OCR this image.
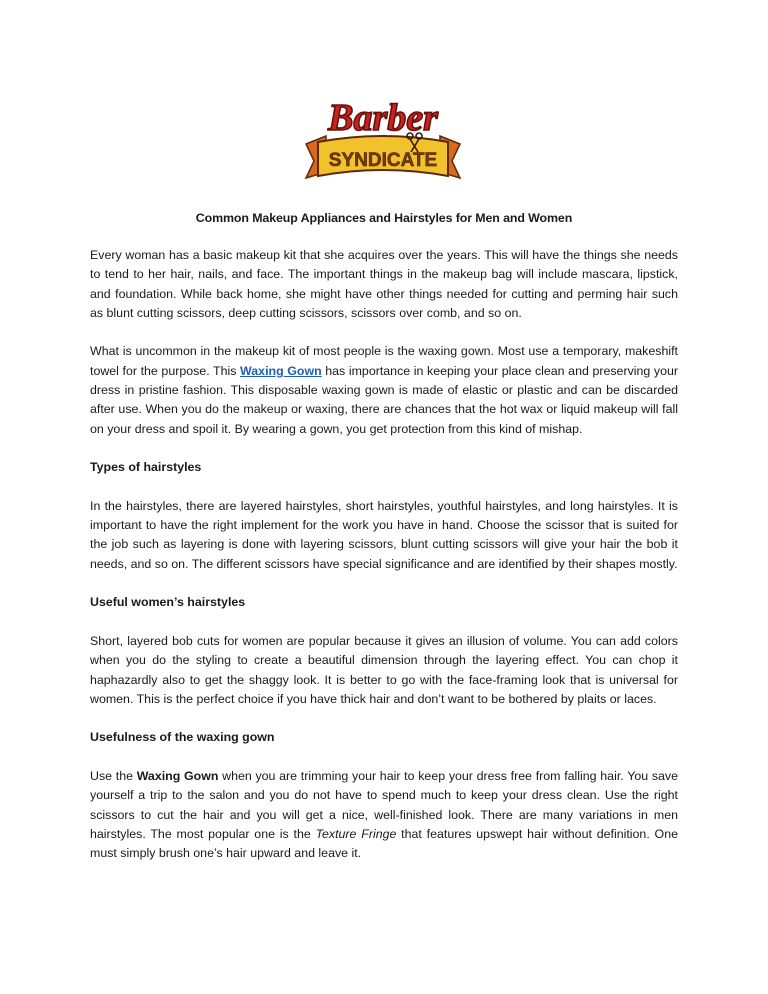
SYNDICATE
Barber
Common Makeup Appliances and Hairstyles for Men and Women

Every woman has a basic makeup kit that she acquires over the years. This will have the things she needs to tend to her hair, nails, and face. The important things in the makeup bag will include mascara, lipstick, and foundation. While back home, she might have other things needed for cutting and perming hair such as blunt cutting scissors, deep cutting scissors, scissors over comb, and so on.

What is uncommon in the makeup kit of most people is the waxing gown. Most use a temporary, makeshift towel for the purpose. This Waxing Gown has importance in keeping your place clean and preserving your dress in pristine fashion. This disposable waxing gown is made of elastic or plastic and can be discarded after use. When you do the makeup or waxing, there are chances that the hot wax or liquid makeup will fall on your dress and spoil it. By wearing a gown, you get protection from this kind of mishap.

Types of hairstyles

In the hairstyles, there are layered hairstyles, short hairstyles, youthful hairstyles, and long hairstyles. It is important to have the right implement for the work you have in hand. Choose the scissor that is suited for the job such as layering is done with layering scissors, blunt cutting scissors will give your hair the bob it needs, and so on. The different scissors have special significance and are identified by their shapes mostly.

Useful women’s hairstyles

Short, layered bob cuts for women are popular because it gives an illusion of volume. You can add colors when you do the styling to create a beautiful dimension through the layering effect. You can chop it haphazardly also to get the shaggy look. It is better to go with the face-framing look that is universal for women. This is the perfect choice if you have thick hair and don’t want to be bothered by plaits or laces.

Usefulness of the waxing gown

Use the Waxing Gown when you are trimming your hair to keep your dress free from falling hair. You save yourself a trip to the salon and you do not have to spend much to keep your dress clean. Use the right scissors to cut the hair and you will get a nice, well-finished look. There are many variations in men hairstyles. The most popular one is the Texture Fringe that features upswept hair without definition. One must simply brush one’s hair upward and leave it.
